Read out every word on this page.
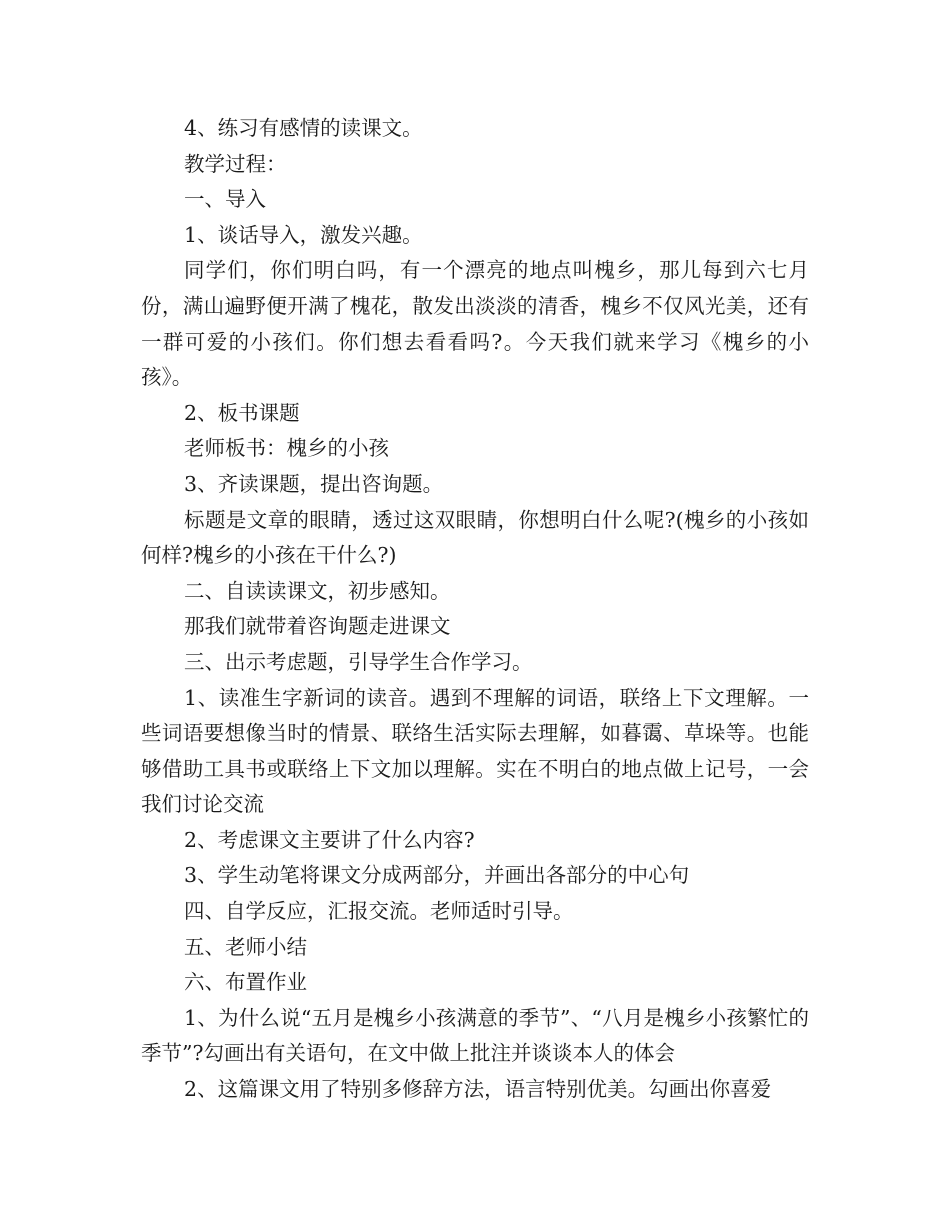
4、练习有感情的读课文。

教学过程：

一、导入

1、谈话导入，激发兴趣。

同学们，你们明白吗，有一个漂亮的地点叫槐乡，那儿每到六七月份，满山遍野便开满了槐花，散发出淡淡的清香，槐乡不仅风光美，还有一群可爱的小孩们。你们想去看看吗?。今天我们就来学习《槐乡的小孩》。

2、板书课题

老师板书：槐乡的小孩

3、齐读课题，提出咨询题。

标题是文章的眼睛，透过这双眼睛，你想明白什么呢?(槐乡的小孩如何样?槐乡的小孩在干什么?)

二、自读读课文，初步感知。

那我们就带着咨询题走进课文

三、出示考虑题，引导学生合作学习。

1、读准生字新词的读音。遇到不理解的词语，联络上下文理解。一些词语要想像当时的情景、联络生活实际去理解，如暮霭、草垛等。也能够借助工具书或联络上下文加以理解。实在不明白的地点做上记号，一会我们讨论交流

2、考虑课文主要讲了什么内容?

3、学生动笔将课文分成两部分，并画出各部分的中心句

四、自学反应，汇报交流。老师适时引导。

五、老师小结

六、布置作业

1、为什么说“五月是槐乡小孩满意的季节”、“八月是槐乡小孩繁忙的季节”?勾画出有关语句，在文中做上批注并谈谈本人的体会

2、这篇课文用了特别多修辞方法，语言特别优美。勾画出你喜爱
